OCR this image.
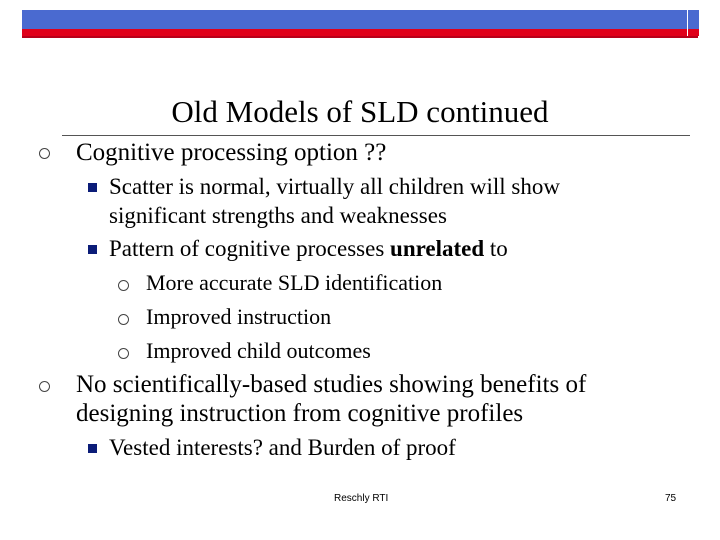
Old Models of SLD continued
Cognitive processing option ??
Scatter is normal, virtually all children will show
significant strengths and weaknesses
Pattern of cognitive processes unrelated to
More accurate SLD identification
Improved instruction
Improved child outcomes
No scientifically-based studies showing benefits of
designing instruction from cognitive profiles
Vested interests? and Burden of proof
Reschly RTI	75
